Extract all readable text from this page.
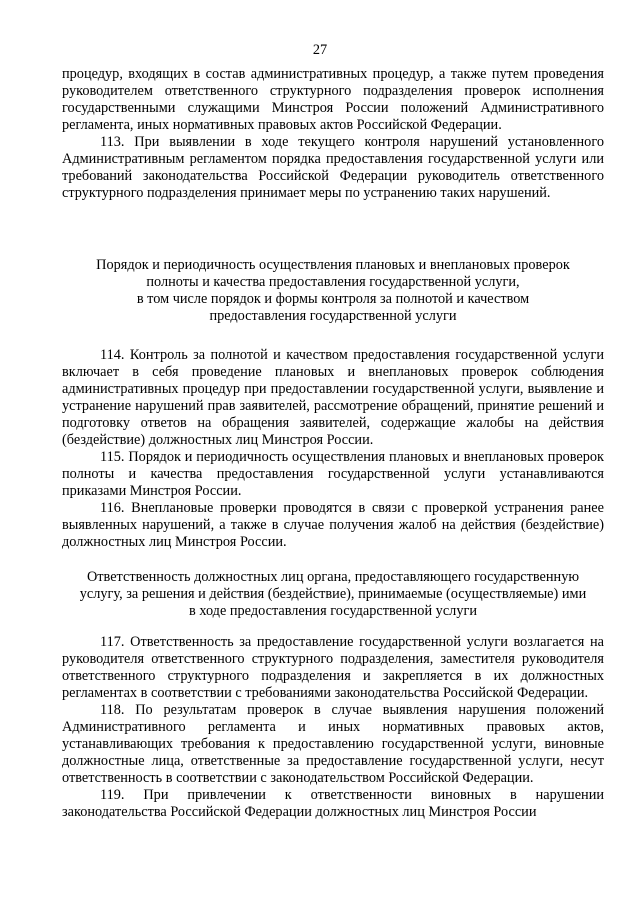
27

процедур, входящих в состав административных процедур, а также путем проведения руководителем ответственного структурного подразделения проверок исполнения государственными служащими Минстроя России положений Административного регламента, иных нормативных правовых актов Российской Федерации.

113. При выявлении в ходе текущего контроля нарушений установленного Административным регламентом порядка предоставления государственной услуги или требований законодательства Российской Федерации руководитель ответственного структурного подразделения принимает меры по устранению таких нарушений.

Порядок и периодичность осуществления плановых и внеплановых проверок
полноты и качества предоставления государственной услуги,
в том числе порядок и формы контроля за полнотой и качеством
предоставления государственной услуги

114. Контроль за полнотой и качеством предоставления государственной услуги включает в себя проведение плановых и внеплановых проверок соблюдения административных процедур при предоставлении государственной услуги, выявление и устранение нарушений прав заявителей, рассмотрение обращений, принятие решений и подготовку ответов на обращения заявителей, содержащие жалобы на действия (бездействие) должностных лиц Минстроя России.

115. Порядок и периодичность осуществления плановых и внеплановых проверок полноты и качества предоставления государственной услуги устанавливаются приказами Минстроя России.

116. Внеплановые проверки проводятся в связи с проверкой устранения ранее выявленных нарушений, а также в случае получения жалоб на действия (бездействие) должностных лиц Минстроя России.

Ответственность должностных лиц органа, предоставляющего государственную
услугу, за решения и действия (бездействие), принимаемые (осуществляемые) ими
в ходе предоставления государственной услуги

117. Ответственность за предоставление государственной услуги возлагается на руководителя ответственного структурного подразделения, заместителя руководителя ответственного структурного подразделения и закрепляется в их должностных регламентах в соответствии с требованиями законодательства Российской Федерации.

118. По результатам проверок в случае выявления нарушения положений Административного регламента и иных нормативных правовых актов, устанавливающих требования к предоставлению государственной услуги, виновные должностные лица, ответственные за предоставление государственной услуги, несут ответственность в соответствии с законодательством Российской Федерации.

119. При привлечении к ответственности виновных в нарушении законодательства Российской Федерации должностных лиц Минстроя России
